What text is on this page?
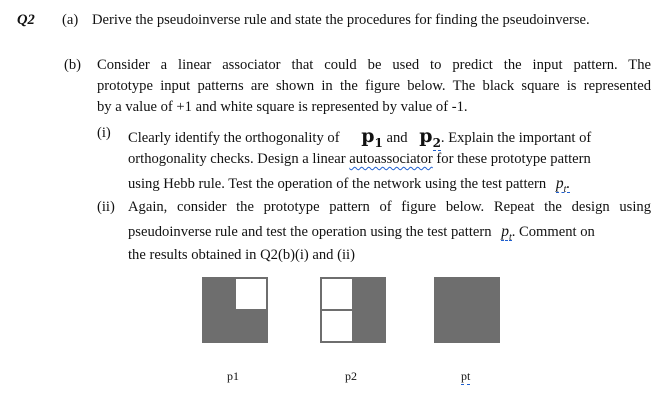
Q2 (a) Derive the pseudoinverse rule and state the procedures for finding the pseudoinverse.
(b) Consider a linear associator that could be used to predict the input pattern. The
prototype input patterns are shown in the figure below. The black square is represented
by a value of +1 and white square is represented by value of -1.
(i) Clearly identify the orthogonality of $p_1$ and $p_2$. Explain the important of
orthogonality checks. Design a linear autoassociator for these prototype pattern
using Hebb rule. Test the operation of the network using the test pattern $p_t$.
(ii) Again, consider the prototype pattern of figure below. Repeat the design using
pseudoinverse rule and test the operation using the test pattern $p_t$. Comment on
the results obtained in Q2(b)(i) and (ii)
p1	p2	pt
